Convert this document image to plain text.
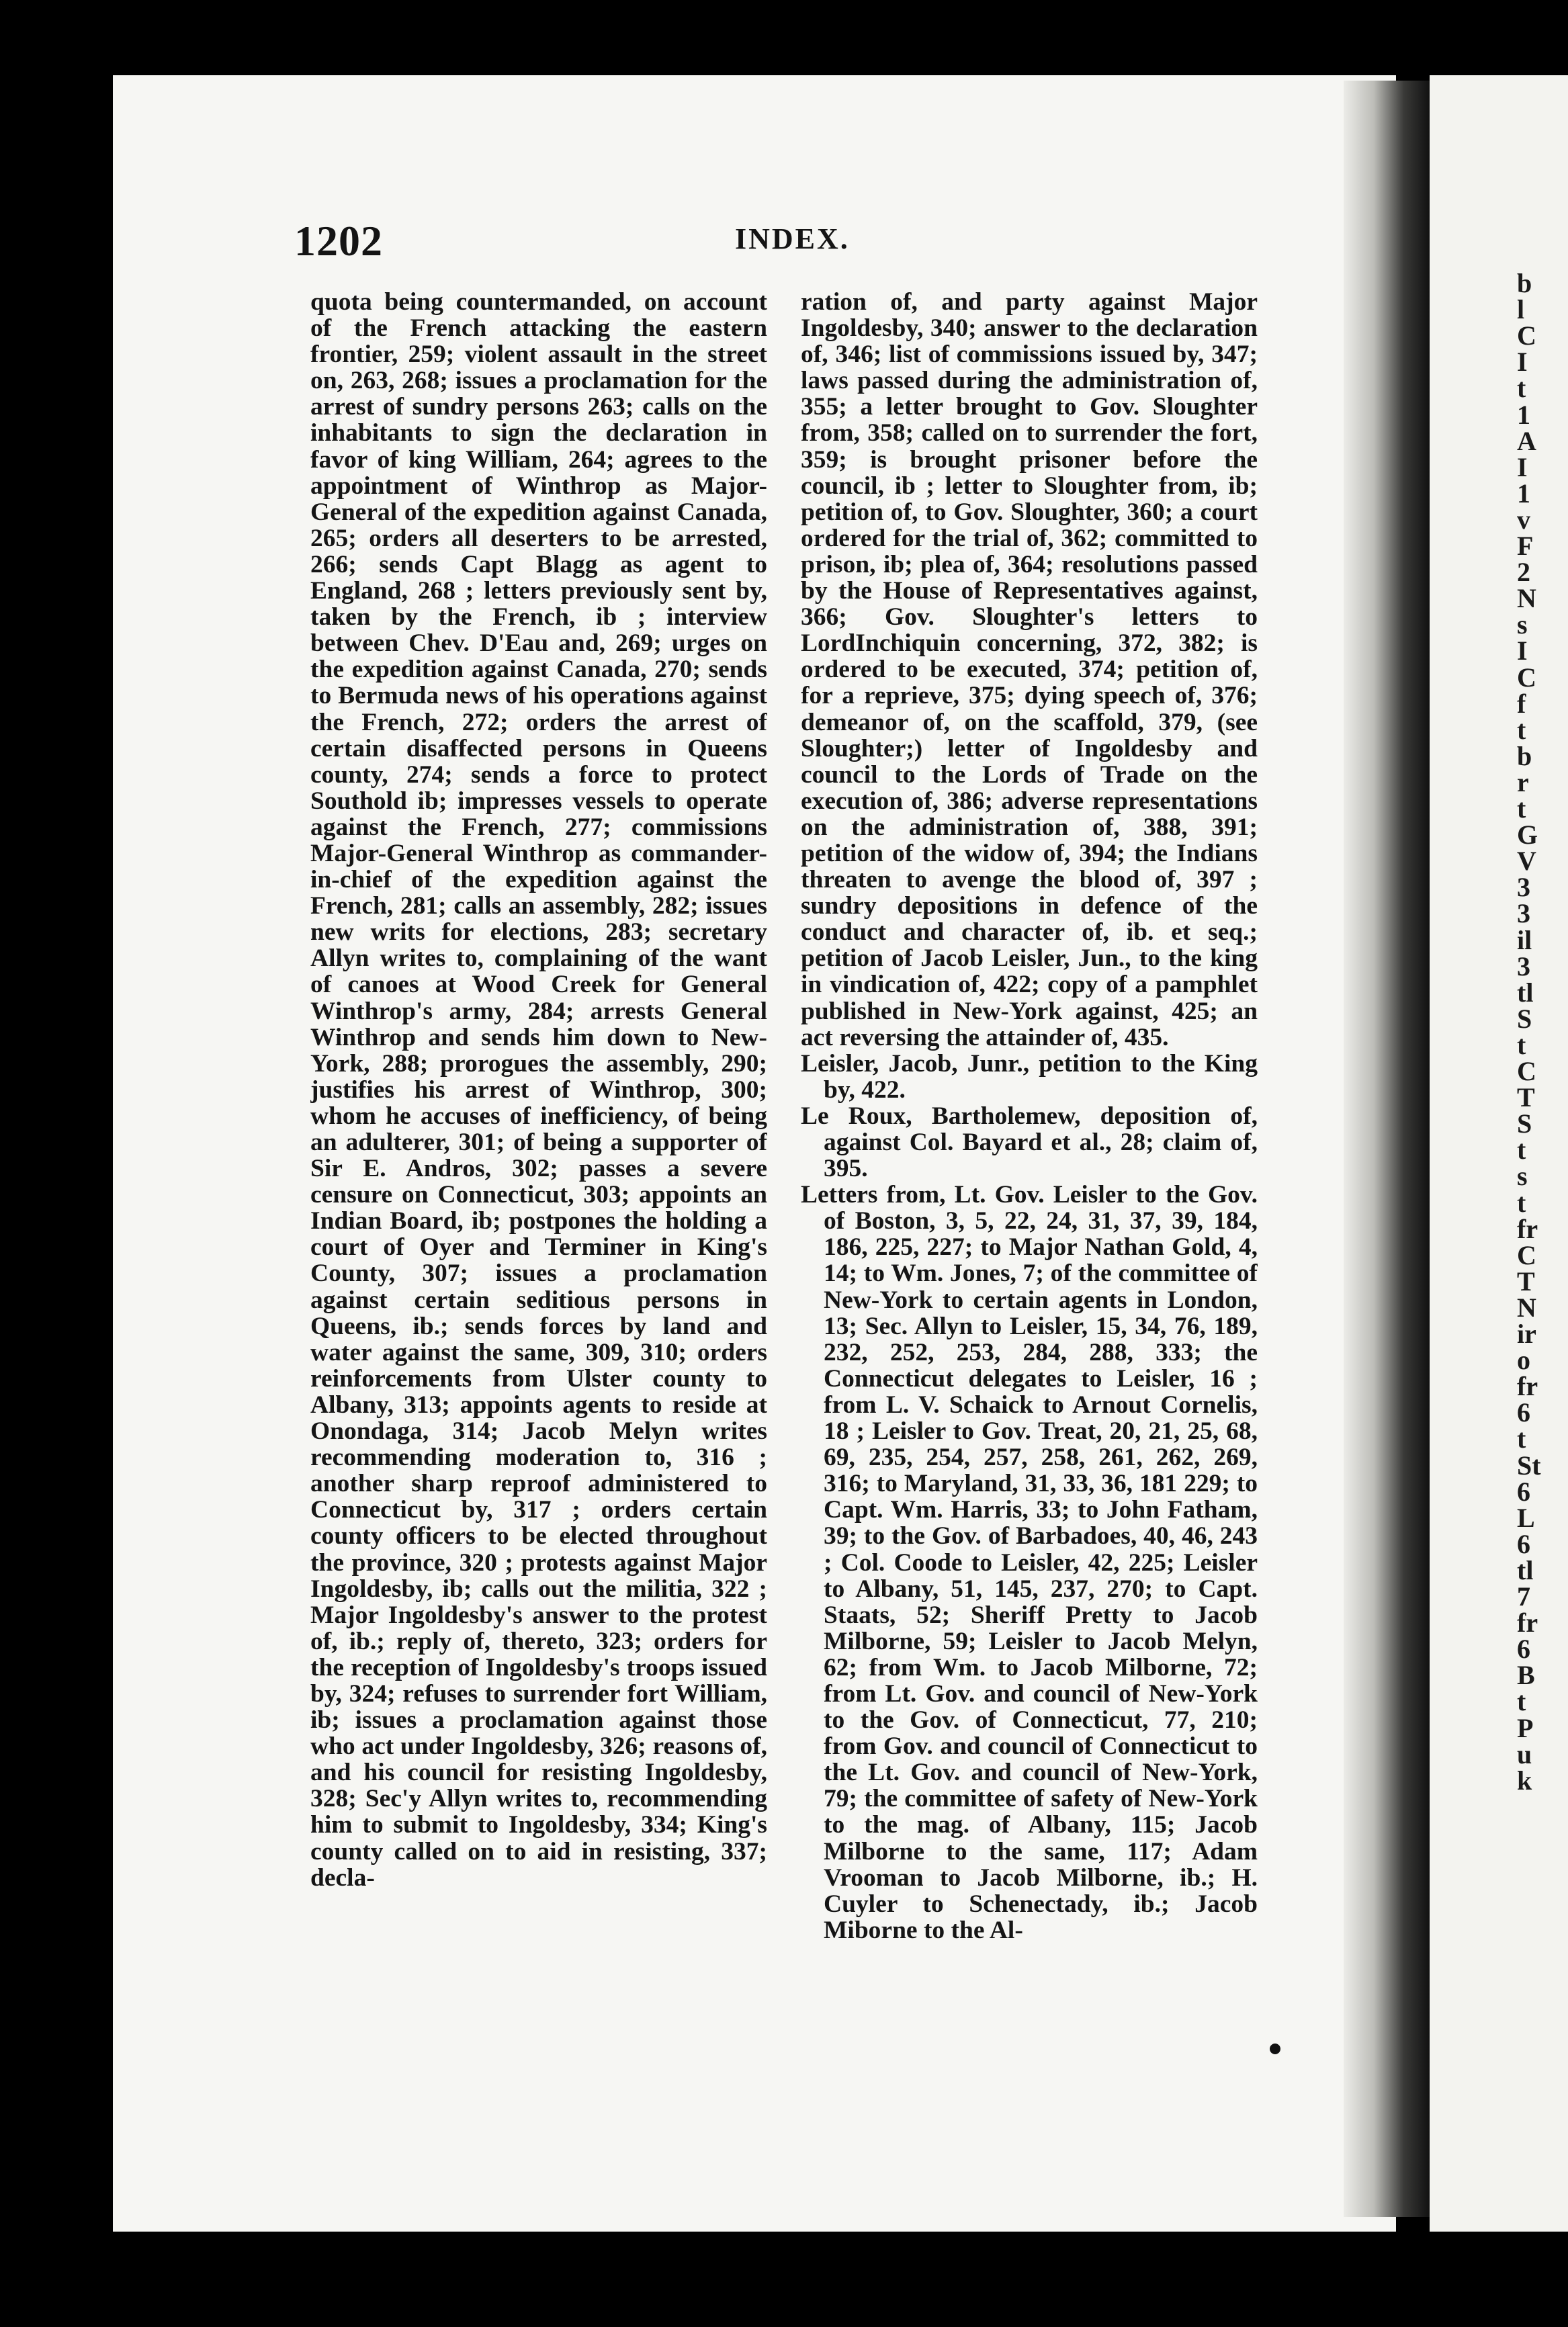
1202	INDEX.

quota being countermanded, on account of the French attacking the eastern frontier, 259; violent assault in the street on, 263, 268; issues a proclamation for the arrest of sundry persons 263; calls on the inhabitants to sign the declaration in favor of king William, 264; agrees to the appointment of Winthrop as Major-General of the expedition against Canada, 265; orders all deserters to be arrested, 266; sends Capt Blagg as agent to England, 268 ; letters previously sent by, taken by the French, ib ; interview between Chev. D'Eau and, 269; urges on the expedition against Canada, 270; sends to Bermuda news of his operations against the French, 272; orders the arrest of certain disaffected persons in Queens county, 274; sends a force to protect Southold ib; impresses vessels to operate against the French, 277; commissions Major-General Winthrop as commander-in-chief of the expedition against the French, 281; calls an assembly, 282; issues new writs for elections, 283; secretary Allyn writes to, complaining of the want of canoes at Wood Creek for General Winthrop's army, 284; arrests General Winthrop and sends him down to New-York, 288; prorogues the assembly, 290; justifies his arrest of Winthrop, 300; whom he accuses of inefficiency, of being an adulterer, 301; of being a supporter of Sir E. Andros, 302; passes a severe censure on Connecticut, 303; appoints an Indian Board, ib; postpones the holding a court of Oyer and Terminer in King's County, 307; issues a proclamation against certain seditious persons in Queens, ib.; sends forces by land and water against the same, 309, 310; orders reinforcements from Ulster county to Albany, 313; appoints agents to reside at Onondaga, 314; Jacob Melyn writes recommending moderation to, 316 ; another sharp reproof administered to Connecticut by, 317 ; orders certain county officers to be elected throughout the province, 320 ; protests against Major Ingoldesby, ib; calls out the militia, 322 ; Major Ingoldesby's answer to the protest of, ib.; reply of, thereto, 323; orders for the reception of Ingoldesby's troops issued by, 324; refuses to surrender fort William, ib; issues a proclamation against those who act under Ingoldesby, 326; reasons of, and his council for resisting Ingoldesby, 328; Sec'y Allyn writes to, recommending him to submit to Ingoldesby, 334; King's county called on to aid in resisting, 337; decla-

ration of, and party against Major Ingoldesby, 340; answer to the declaration of, 346; list of commissions issued by, 347; laws passed during the administration of, 355; a letter brought to Gov. Sloughter from, 358; called on to surrender the fort, 359; is brought prisoner before the council, ib ; letter to Sloughter from, ib; petition of, to Gov. Sloughter, 360; a court ordered for the trial of, 362; committed to prison, ib; plea of, 364; resolutions passed by the House of Representatives against, 366; Gov. Sloughter's letters to LordInchiquin concerning, 372, 382; is ordered to be executed, 374; petition of, for a reprieve, 375; dying speech of, 376; demeanor of, on the scaffold, 379, (see Sloughter;) letter of Ingoldesby and council to the Lords of Trade on the execution of, 386; adverse representations on the administration of, 388, 391; petition of the widow of, 394; the Indians threaten to avenge the blood of, 397 ; sundry depositions in defence of the conduct and character of, ib. et seq.; petition of Jacob Leisler, Jun., to the king in vindication of, 422; copy of a pamphlet published in New-York against, 425; an act reversing the attainder of, 435.

Leisler, Jacob, Junr., petition to the King by, 422.

Le Roux, Bartholemew, deposition of, against Col. Bayard et al., 28; claim of, 395.

Letters from, Lt. Gov. Leisler to the Gov. of Boston, 3, 5, 22, 24, 31, 37, 39, 184, 186, 225, 227; to Major Nathan Gold, 4, 14; to Wm. Jones, 7; of the committee of New-York to certain agents in London, 13; Sec. Allyn to Leisler, 15, 34, 76, 189, 232, 252, 253, 284, 288, 333; the Connecticut delegates to Leisler, 16 ; from L. V. Schaick to Arnout Cornelis, 18 ; Leisler to Gov. Treat, 20, 21, 25, 68, 69, 235, 254, 257, 258, 261, 262, 269, 316; to Maryland, 31, 33, 36, 181 229; to Capt. Wm. Harris, 33; to John Fatham, 39; to the Gov. of Barbadoes, 40, 46, 243 ; Col. Coode to Leisler, 42, 225; Leisler to Albany, 51, 145, 237, 270; to Capt. Staats, 52; Sheriff Pretty to Jacob Milborne, 59; Leisler to Jacob Melyn, 62; from Wm. to Jacob Milborne, 72; from Lt. Gov. and council of New-York to the Gov. of Connecticut, 77, 210; from Gov. and council of Connecticut to the Lt. Gov. and council of New-York, 79; the committee of safety of New-York to the mag. of Albany, 115; Jacob Milborne to the same, 117; Adam Vrooman to Jacob Milborne, ib.; H. Cuyler to Schenectady, ib.; Jacob Miborne to the Al-

b
l
C
I
t
1
A
I
1
v
F
2
N
s
I
C
f
t
b
r
t
G
V
3
3
il
3
tl
S
t
C
T
S
t
s
t
fr
C
T
N
ir
o
fr
6
t
St
6
L
6
tl
7
fr
6
B
t
P
u
k
